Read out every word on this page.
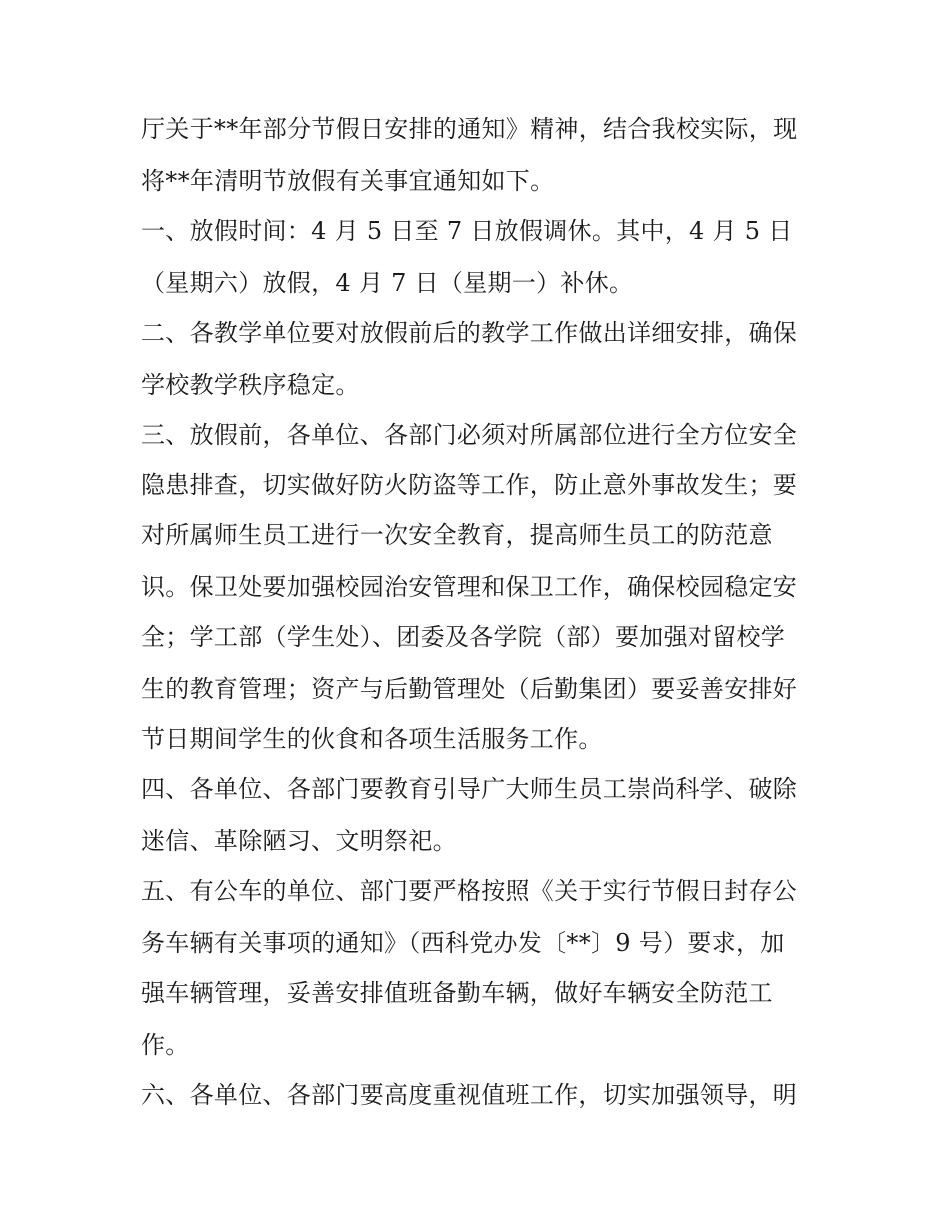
厅关于**年部分节假日安排的通知》精神，结合我校实际，现
将**年清明节放假有关事宜通知如下。
一、放假时间：4 月 5 日至 7 日放假调休。其中，4 月 5 日
（星期六）放假，4 月 7 日（星期一）补休。
二、各教学单位要对放假前后的教学工作做出详细安排，确保
学校教学秩序稳定。
三、放假前，各单位、各部门必须对所属部位进行全方位安全
隐患排查，切实做好防火防盗等工作，防止意外事故发生；要
对所属师生员工进行一次安全教育，提高师生员工的防范意
识。保卫处要加强校园治安管理和保卫工作，确保校园稳定安
全；学工部（学生处）、团委及各学院（部）要加强对留校学
生的教育管理；资产与后勤管理处（后勤集团）要妥善安排好
节日期间学生的伙食和各项生活服务工作。
四、各单位、各部门要教育引导广大师生员工崇尚科学、破除
迷信、革除陋习、文明祭祀。
五、有公车的单位、部门要严格按照《关于实行节假日封存公
务车辆有关事项的通知》（西科党办发〔**〕9 号）要求，加
强车辆管理，妥善安排值班备勤车辆，做好车辆安全防范工
作。
六、各单位、各部门要高度重视值班工作，切实加强领导，明
